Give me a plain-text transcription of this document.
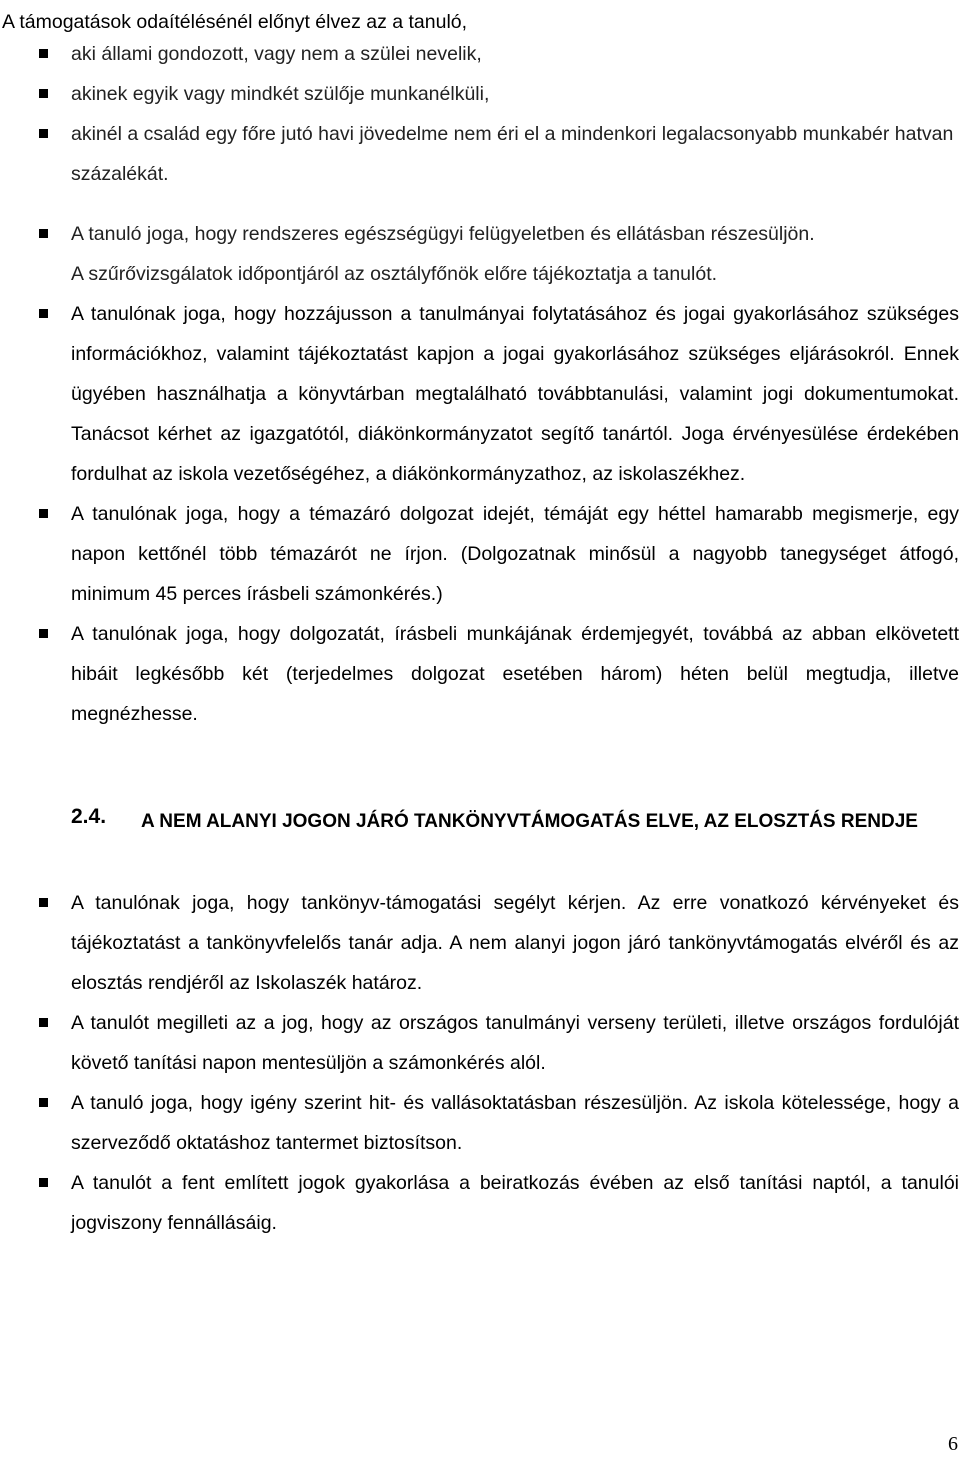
A támogatások odaítélésénél előnyt élvez az a tanuló,

aki állami gondozott, vagy nem a szülei nevelik,

akinek egyik vagy mindkét szülője munkanélküli,

akinél a család egy főre jutó havi jövedelme nem éri el a mindenkori legalacsonyabb munkabér hatvan százalékát.

A tanuló joga, hogy rendszeres egészségügyi felügyeletben és ellátásban részesüljön.

A szűrővizsgálatok időpontjáról az osztályfőnök előre tájékoztatja a tanulót.

A tanulónak joga, hogy hozzájusson a tanulmányai folytatásához és jogai gyakorlásához szükséges információkhoz, valamint tájékoztatást kapjon a jogai gyakorlásához szükséges eljárásokról. Ennek ügyében használhatja a könyvtárban megtalálható továbbtanulási, valamint jogi dokumentumokat. Tanácsot kérhet az igazgatótól, diákönkormányzatot segítő tanártól. Joga érvényesülése érdekében fordulhat az iskola vezetőségéhez, a diákönkormányzathoz, az iskolaszékhez.

A tanulónak joga, hogy a témazáró dolgozat idejét, témáját egy héttel hamarabb megismerje, egy napon kettőnél több témazárót ne írjon. (Dolgozatnak minősül a nagyobb tanegységet átfogó, minimum 45 perces írásbeli számonkérés.)

A tanulónak joga, hogy dolgozatát, írásbeli munkájának érdemjegyét, továbbá az abban elkövetett hibáit legkésőbb két (terjedelmes dolgozat esetében három) héten belül megtudja, illetve megnézhesse.

2.4. A NEM ALANYI JOGON JÁRÓ TANKÖNYVTÁMOGATÁS ELVE, AZ ELOSZTÁS RENDJE

A tanulónak joga, hogy tankönyv-támogatási segélyt kérjen. Az erre vonatkozó kérvényeket és tájékoztatást a tankönyvfelelős tanár adja. A nem alanyi jogon járó tankönyvtámogatás elvéről és az elosztás rendjéről az Iskolaszék határoz.

A tanulót megilleti az a jog, hogy az országos tanulmányi verseny területi, illetve országos fordulóját követő tanítási napon mentesüljön a számonkérés alól.

A tanuló joga, hogy igény szerint hit- és vallásoktatásban részesüljön. Az iskola kötelessége, hogy a szerveződő oktatáshoz tantermet biztosítson.

A tanulót a fent említett jogok gyakorlása a beiratkozás évében az első tanítási naptól, a tanulói jogviszony fennállásáig.

6
